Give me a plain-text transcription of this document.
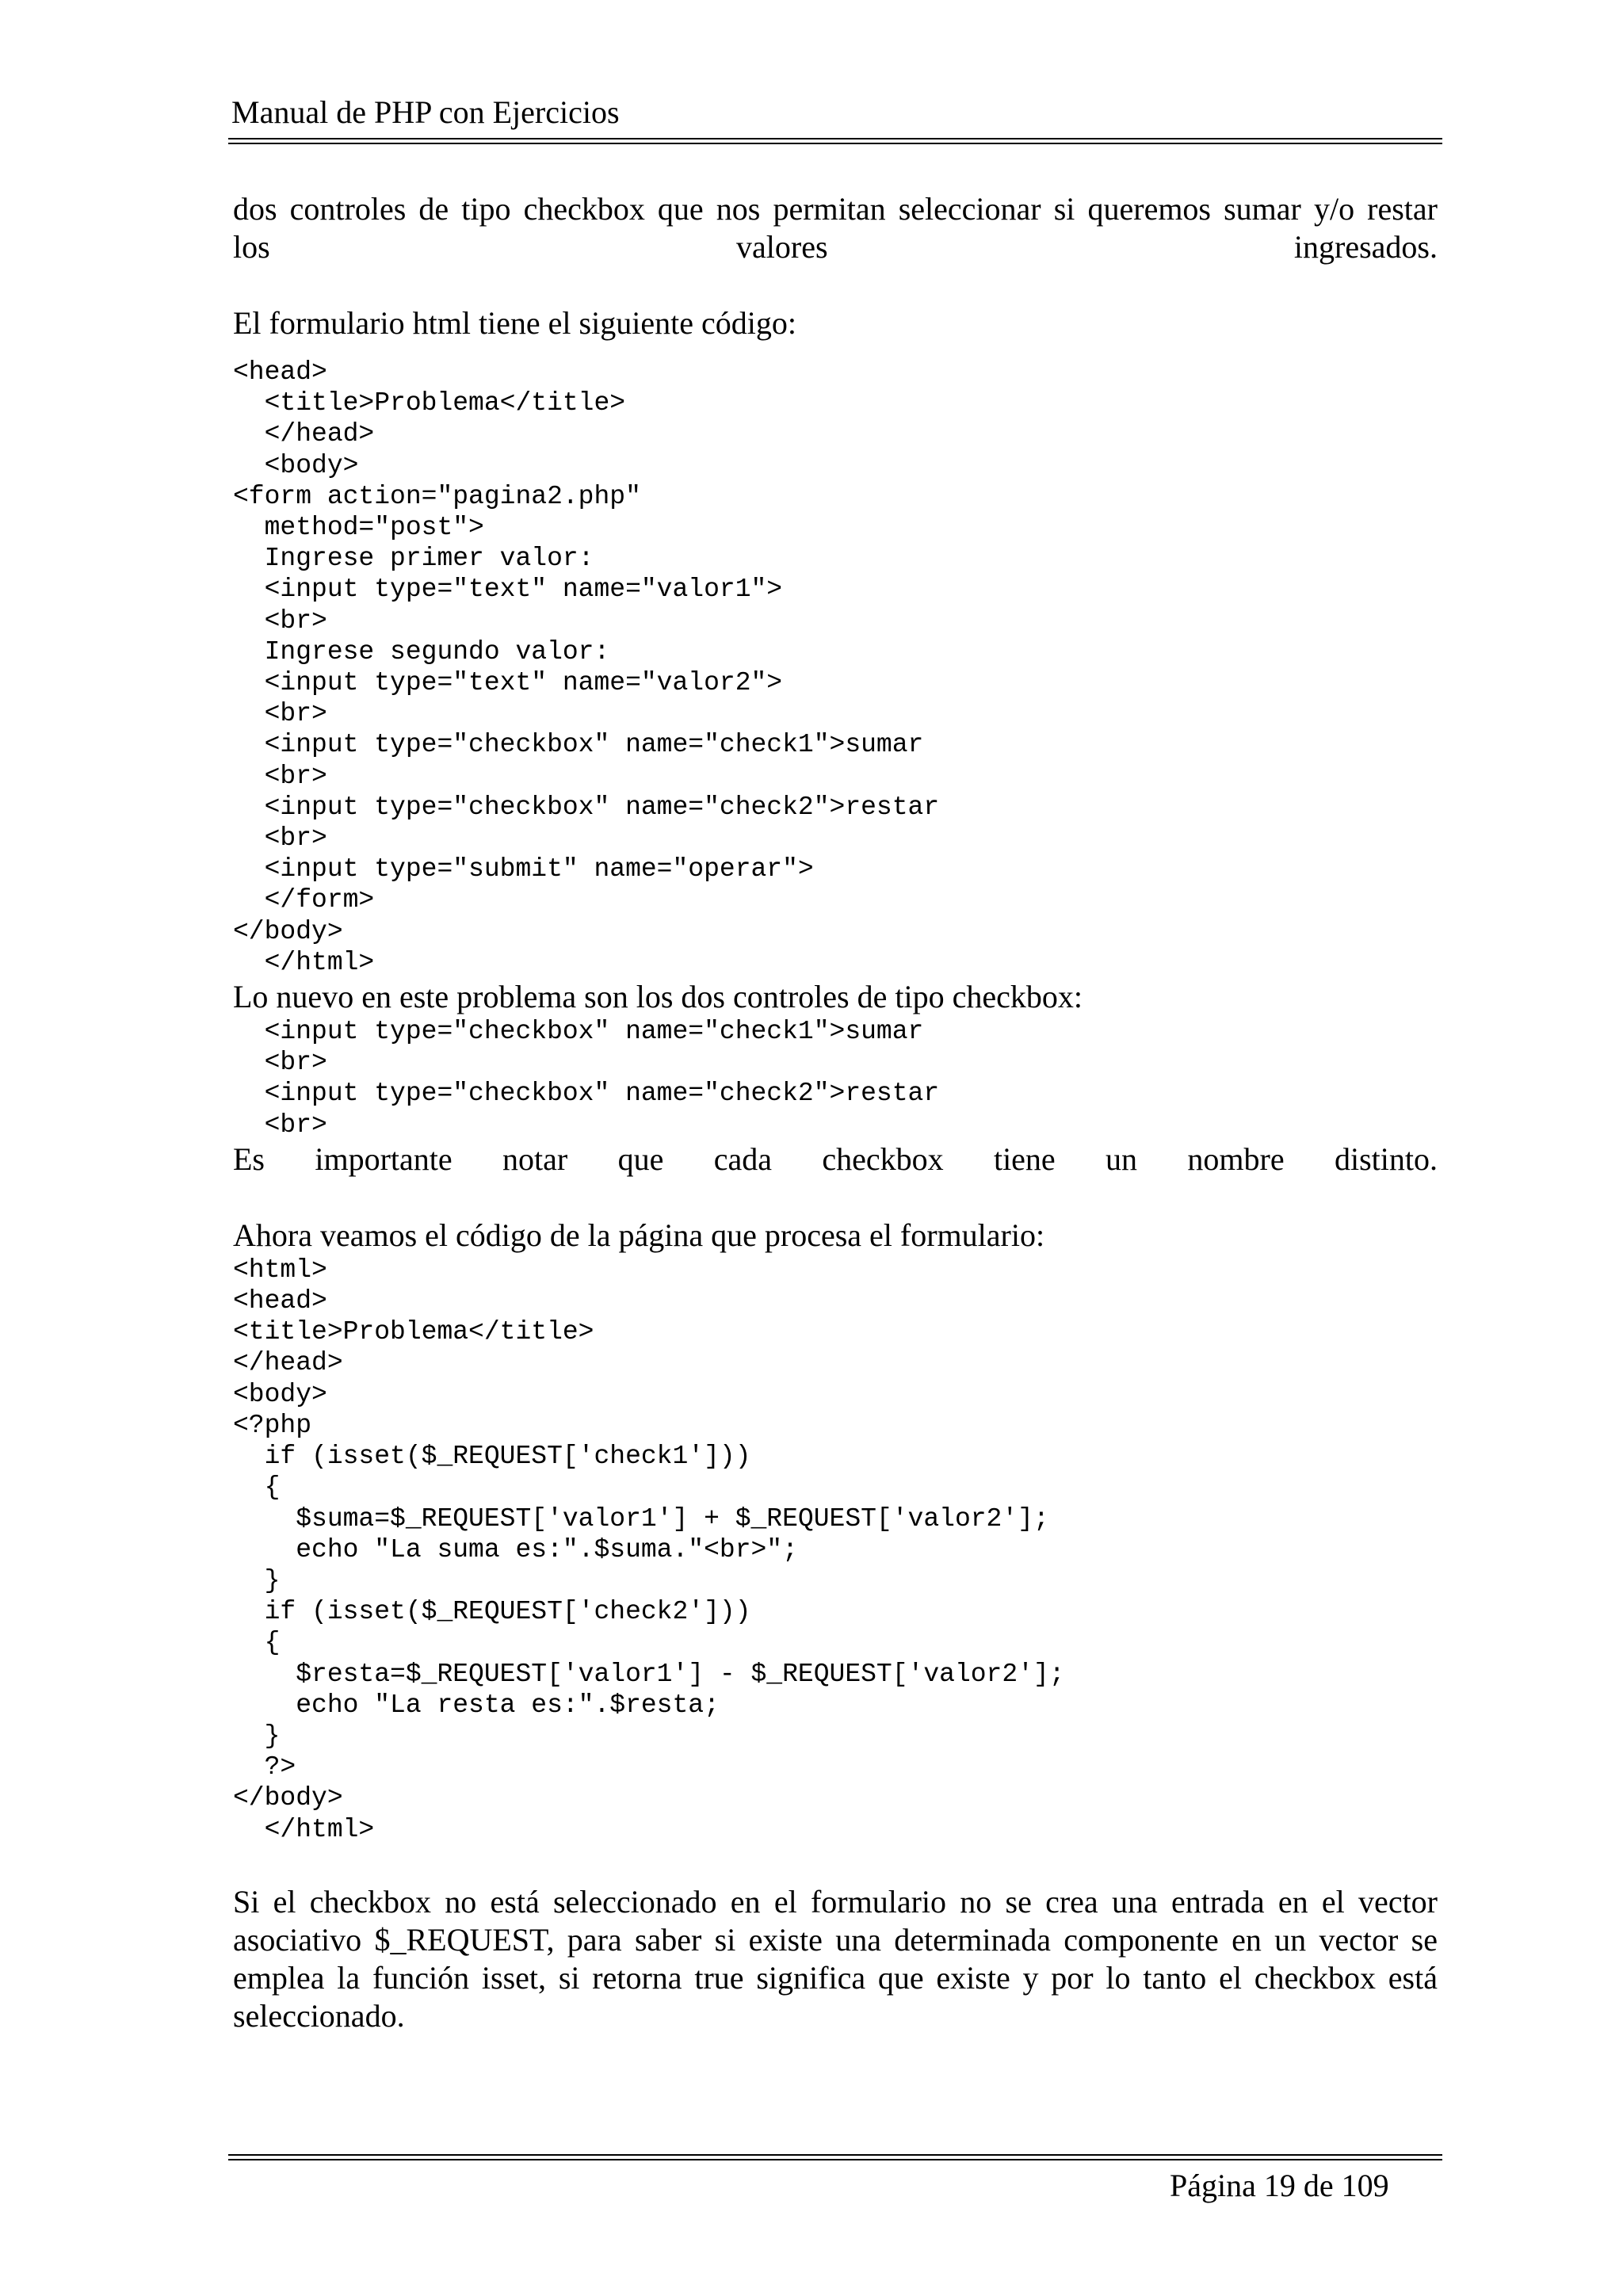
Manual de PHP con Ejercicios

dos controles de tipo checkbox que nos permitan seleccionar si queremos sumar y/o restar

los valores ingresados.

El formulario html tiene el siguiente código:

<head>
<title>Problema</title>
</head>
<body>
<form action="pagina2.php"
method="post">
Ingrese primer valor:
<input type="text" name="valor1">
<br>
Ingrese segundo valor:
<input type="text" name="valor2">
<br>
<input type="checkbox" name="check1">sumar
<br>
<input type="checkbox" name="check2">restar
<br>
<input type="submit" name="operar">
</form>
</body>
</html>

Lo nuevo en este problema son los dos controles de tipo checkbox:

<input type="checkbox" name="check1">sumar
<br>
<input type="checkbox" name="check2">restar
<br>

Es importante notar que cada checkbox tiene un nombre distinto.

Ahora veamos el código de la página que procesa el formulario:

<html>
<head>
<title>Problema</title>
</head>
<body>
<?php
if (isset($_REQUEST['check1']))
{
$suma=$_REQUEST['valor1'] + $_REQUEST['valor2'];
echo "La suma es:".$suma."<br>";
}
if (isset($_REQUEST['check2']))
{
$resta=$_REQUEST['valor1'] - $_REQUEST['valor2'];
echo "La resta es:".$resta;
}
?>
</body>
</html>

Si el checkbox no está seleccionado en el formulario no se crea una entrada en el vector asociativo $_REQUEST, para saber si existe una determinada componente en un vector se emplea la función isset, si retorna true significa que existe y por lo tanto el checkbox está seleccionado.

Página 19 de 109
